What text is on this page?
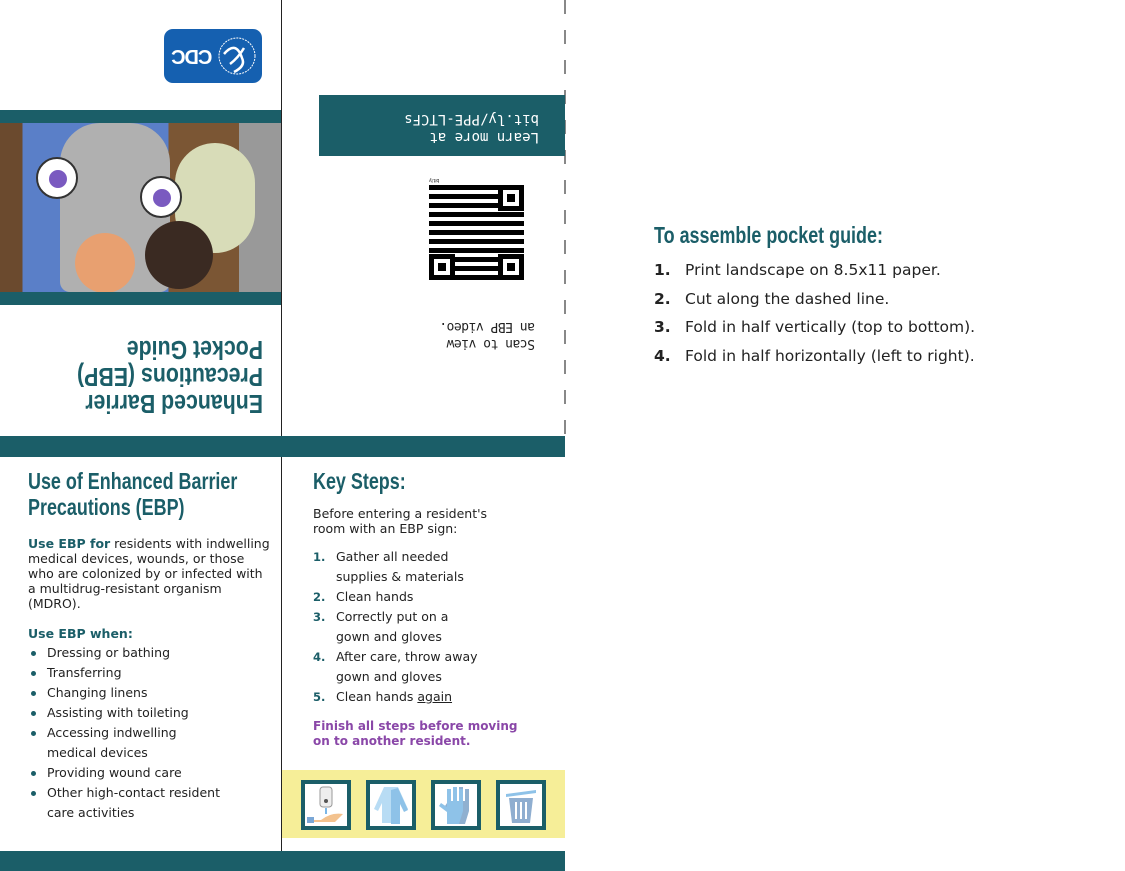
CDC
Enhanced Barrier
Precautions (EBP)
Pocket Guide
Learn more at
bit.ly/PPE-LTCFs
bit.ly
Scan to view
an EBP video.
Use of Enhanced Barrier
Precautions (EBP)

Use EBP for residents with indwelling medical devices, wounds, or those who are colonized by or infected with a multidrug-resistant organism (MDRO).

Use EBP when:
Dressing or bathing
Transferring
Changing linens
Assisting with toileting
Accessing indwelling medical devices
Providing wound care
Other high-contact resident care activities
Key Steps:

Before entering a resident's room with an EBP sign:

1. Gather all needed supplies & materials
2. Clean hands
3. Correctly put on a gown and gloves
4. After care, throw away gown and gloves
5. Clean hands again

Finish all steps before moving on to another resident.

To assemble pocket guide:
1. Print landscape on 8.5x11 paper.
2. Cut along the dashed line.
3. Fold in half vertically (top to bottom).
4. Fold in half horizontally (left to right).
